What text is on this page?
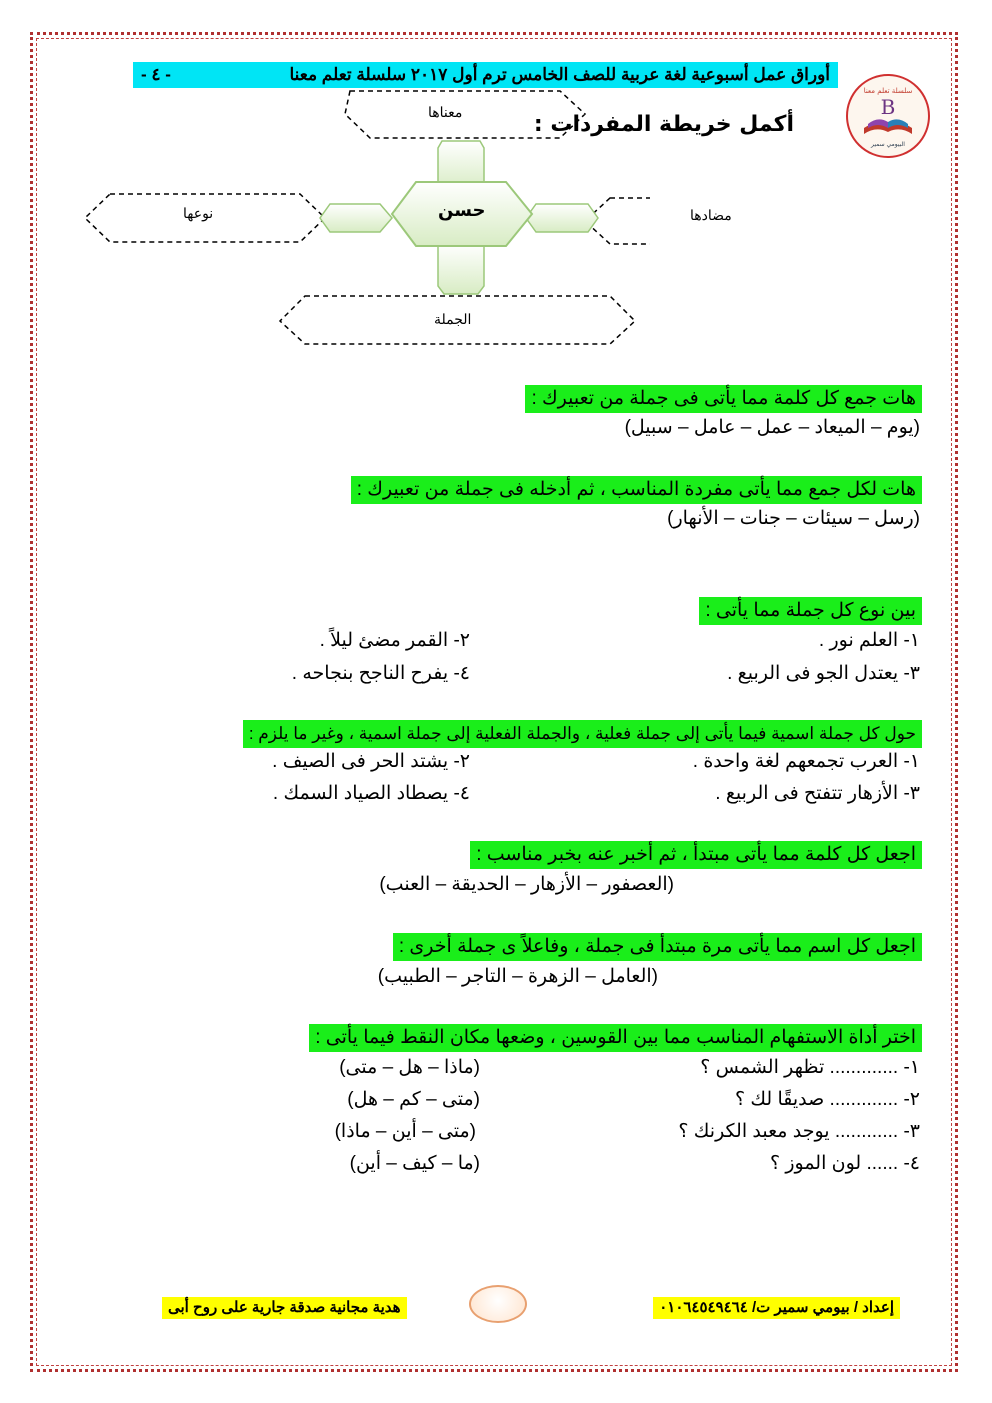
أوراق عمل أسبوعية لغة عربية للصف الخامس ترم أول ٢٠١٧ سلسلة تعلم معنا
- ٤ -
B
سلسلة تعلم معنا
البيومي سمير
أكمل خريطة المفردات :
معناها
مضادها
نوعها
الجملة
حسن
هات جمع كل كلمة مما يأتى فى جملة من تعبيرك :
(يوم – الميعاد – عمل – عامل – سبيل)
هات لكل جمع مما يأتى مفردة المناسب ، ثم أدخله فى جملة من تعبيرك :
(رسل – سيئات – جنات – الأنهار)
بين نوع كل جملة مما يأتى :
١- العلم نور .
٢- القمر مضئ ليلاً .
٣- يعتدل الجو فى الربيع .
٤- يفرح الناجح بنجاحه .
حول كل جملة اسمية فيما يأتى إلى جملة فعلية ، والجملة الفعلية إلى جملة اسمية ، وغير ما يلزم :
١- العرب تجمعهم لغة واحدة .
٢- يشتد الحر فى الصيف .
٣- الأزهار تتفتح فى الربيع .
٤- يصطاد الصياد السمك .
اجعل كل كلمة مما يأتى مبتدأ ، ثم أخبر عنه بخبر مناسب :
(العصفور – الأزهار – الحديقة – العنب)
اجعل كل اسم مما يأتى مرة مبتدأ فى جملة ، وفاعلاً ى جملة أخرى :
(العامل – الزهرة – التاجر – الطبيب)
اختر أداة الاستفهام المناسب مما بين القوسين ، وضعها مكان النقط فيما يأتى :
١- ............. تظهر الشمس ؟
(ماذا – هل – متى)
٢- ............. صديقًا لك ؟
(متى – كم – هل)
٣- ............ يوجد معبد الكرنك ؟
(متى – أين – ماذا)
٤- ...... لون الموز ؟
(ما – كيف – أين)
إعداد / بيومي سمير ت/ ٠١٠٦٤٥٤٩٤٦٤
هدية مجانية صدقة جارية على روح أبى
